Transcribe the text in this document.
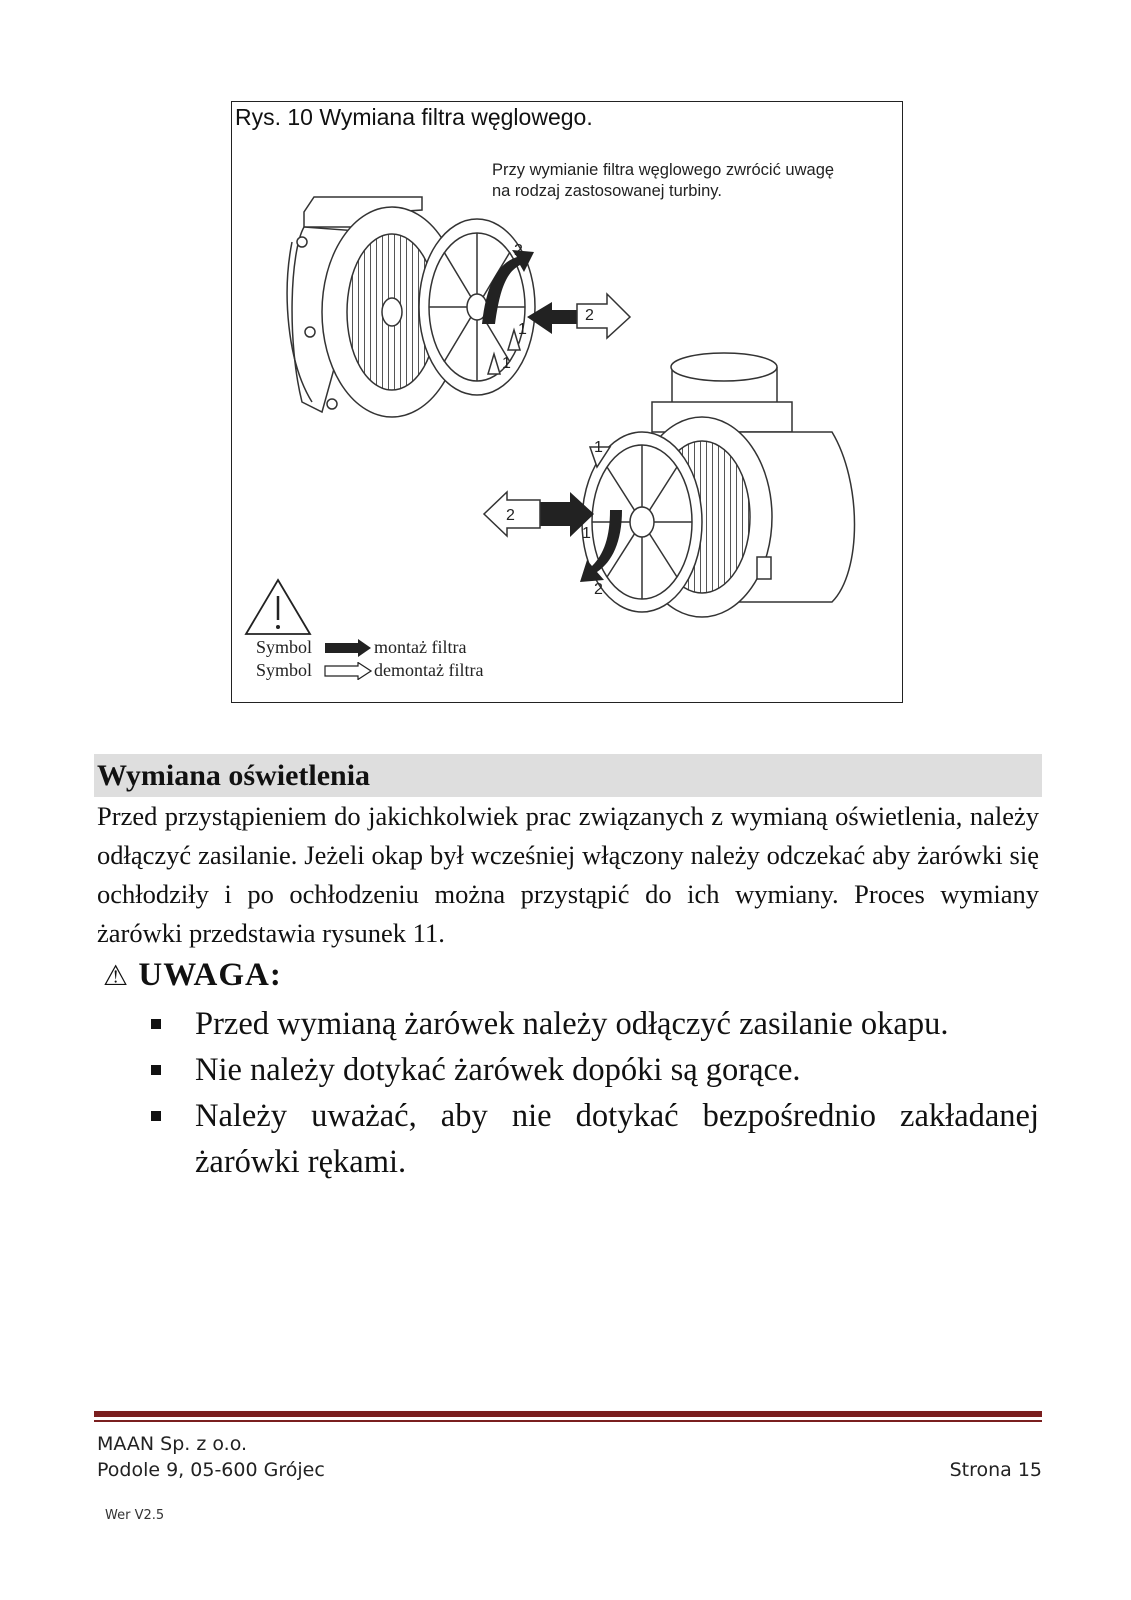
Rys. 10 Wymiana filtra węglowego.
Przy wymianie filtra węglowego zwrócić uwagę
na rodzaj zastosowanej turbiny.
2
1
1
2
1
2
1
2
Symbol	montaż filtra
Symbol	demontaż filtra
Wymiana oświetlenia
Przed przystąpieniem do jakichkolwiek prac związanych z wymianą oświetlenia, należy odłączyć zasilanie. Jeżeli okap był wcześniej włączony należy odczekać aby żarówki się ochłodziły i po ochłodzeniu można przystąpić do ich wymiany. Proces wymiany żarówki przedstawia rysunek 11.
⚠ UWAGA:
Przed wymianą żarówek należy odłączyć zasilanie okapu.
Nie należy dotykać żarówek dopóki są gorące.
Należy uważać, aby nie dotykać bezpośrednio zakładanej żarówki rękami.
MAAN Sp. z o.o.
Podole 9, 05-600 Grójec	Strona 15
Wer V2.5
